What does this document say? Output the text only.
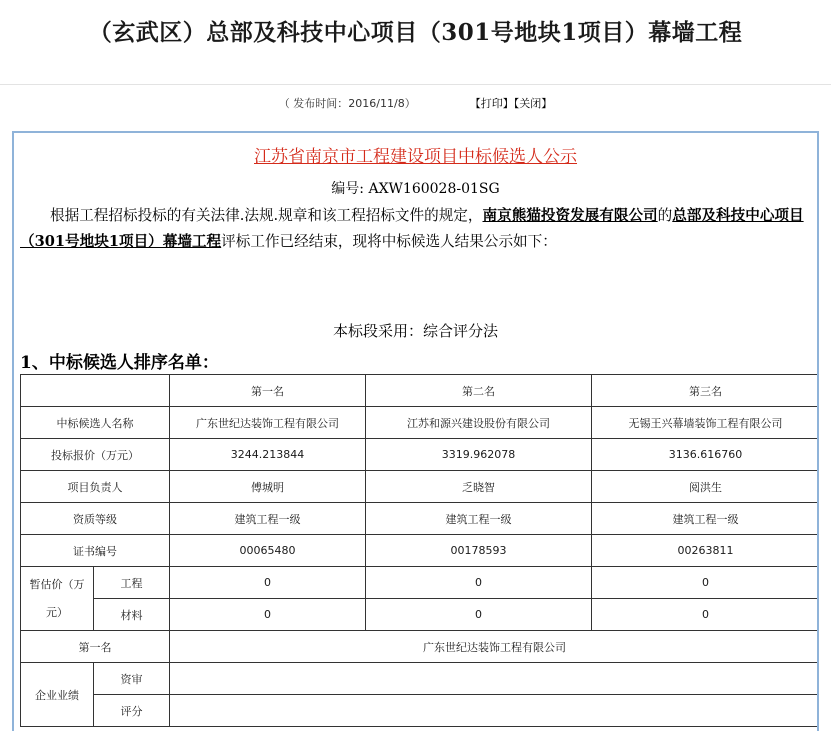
（玄武区）总部及科技中心项目（301号地块1项目）幕墙工程
（ 发布时间：2016/11/8）	【打印】【关闭】
江苏省南京市工程建设项目中标候选人公示
编号: AXW160028-01SG
根据工程招标投标的有关法律.法规.规章和该工程招标文件的规定，南京熊猫投资发展有限公司的总部及科技中心项目（301号地块1项目）幕墙工程评标工作已经结束，现将中标候选人结果公示如下：
本标段采用：综合评分法
1、中标候选人排序名单：
		第一名	第二名	第三名
中标候选人名称		广东世纪达装饰工程有限公司	江苏和源兴建设股份有限公司	无锡王兴幕墙装饰工程有限公司
投标报价（万元）		3244.213844	3319.962078	3136.616760
项目负责人		傅城明	乏晓智	阅洪生
资质等级		建筑工程一级	建筑工程一级	建筑工程一级
证书编号		00065480	00178593	00263811
暂估价（万元）	工程	0	0	0
	材料	0	0	0
第一名		广东世纪达装饰工程有限公司		
企业业绩	资审			
	评分			
